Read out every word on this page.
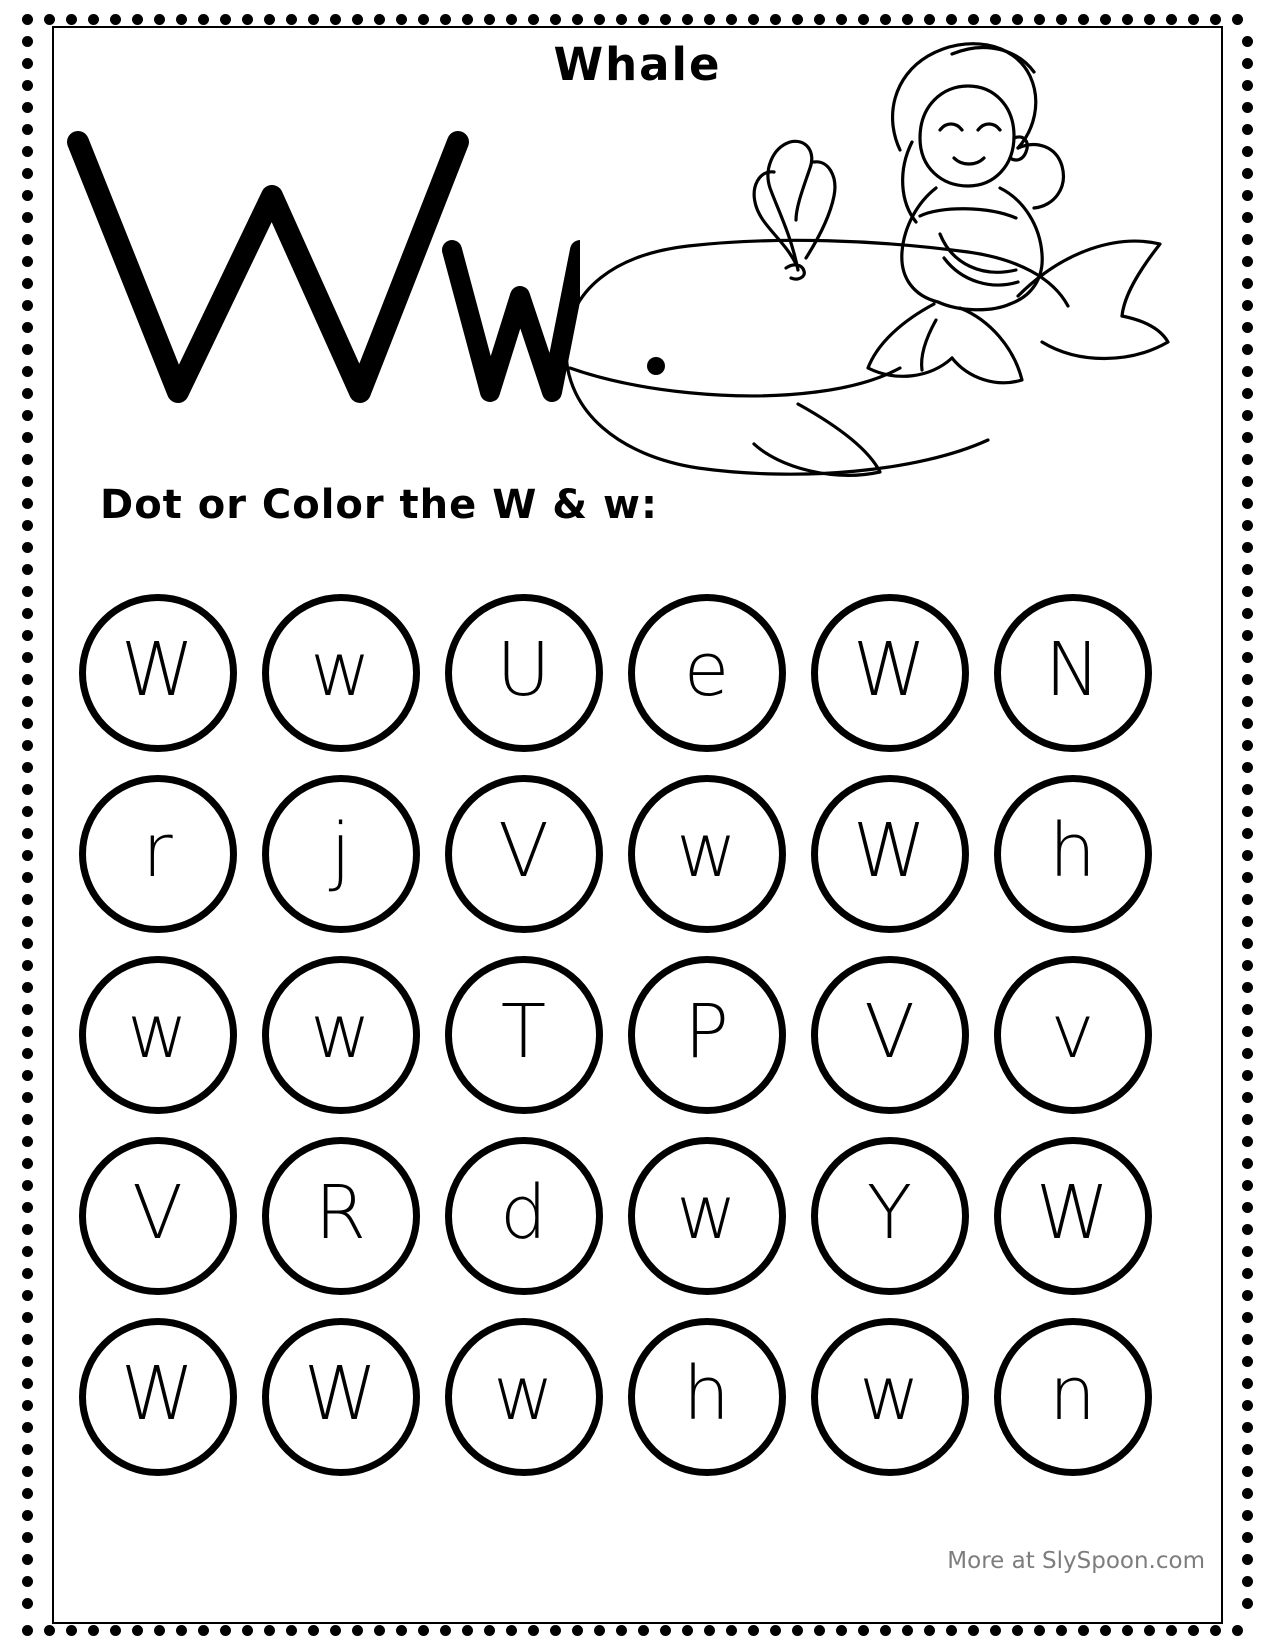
Whale
Dot or Color the W & w:
W w U e W N
r j V w W h
w w T P V v
V R d w Y W
W W w h w n
More at SlySpoon.com
